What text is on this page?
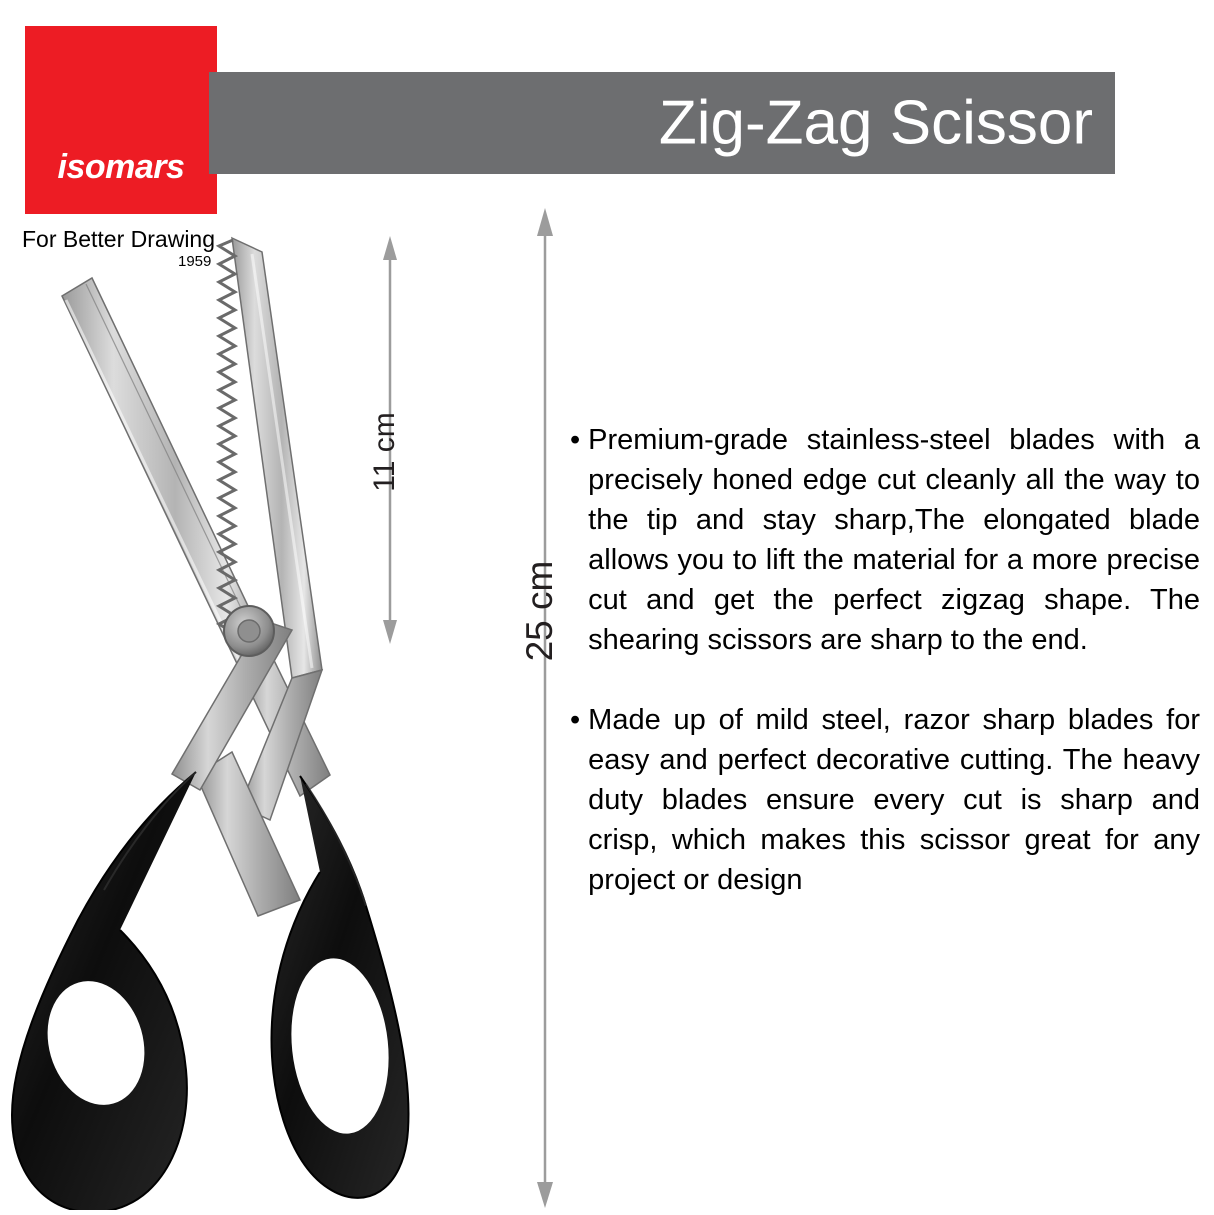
isomars
For Better Drawing
1959
Zig-Zag Scissor
11 cm
25 cm
• Premium-grade stainless-steel blades with a precisely honed edge cut cleanly all the way to the tip and stay sharp,The elongated blade allows you to lift the material for a more precise cut and get the perfect zigzag shape. The shearing scissors are sharp to the end.
• Made up of mild steel, razor sharp blades for easy and perfect decorative cutting. The heavy duty blades ensure every cut is sharp and crisp, which makes this scissor great for any project or design
